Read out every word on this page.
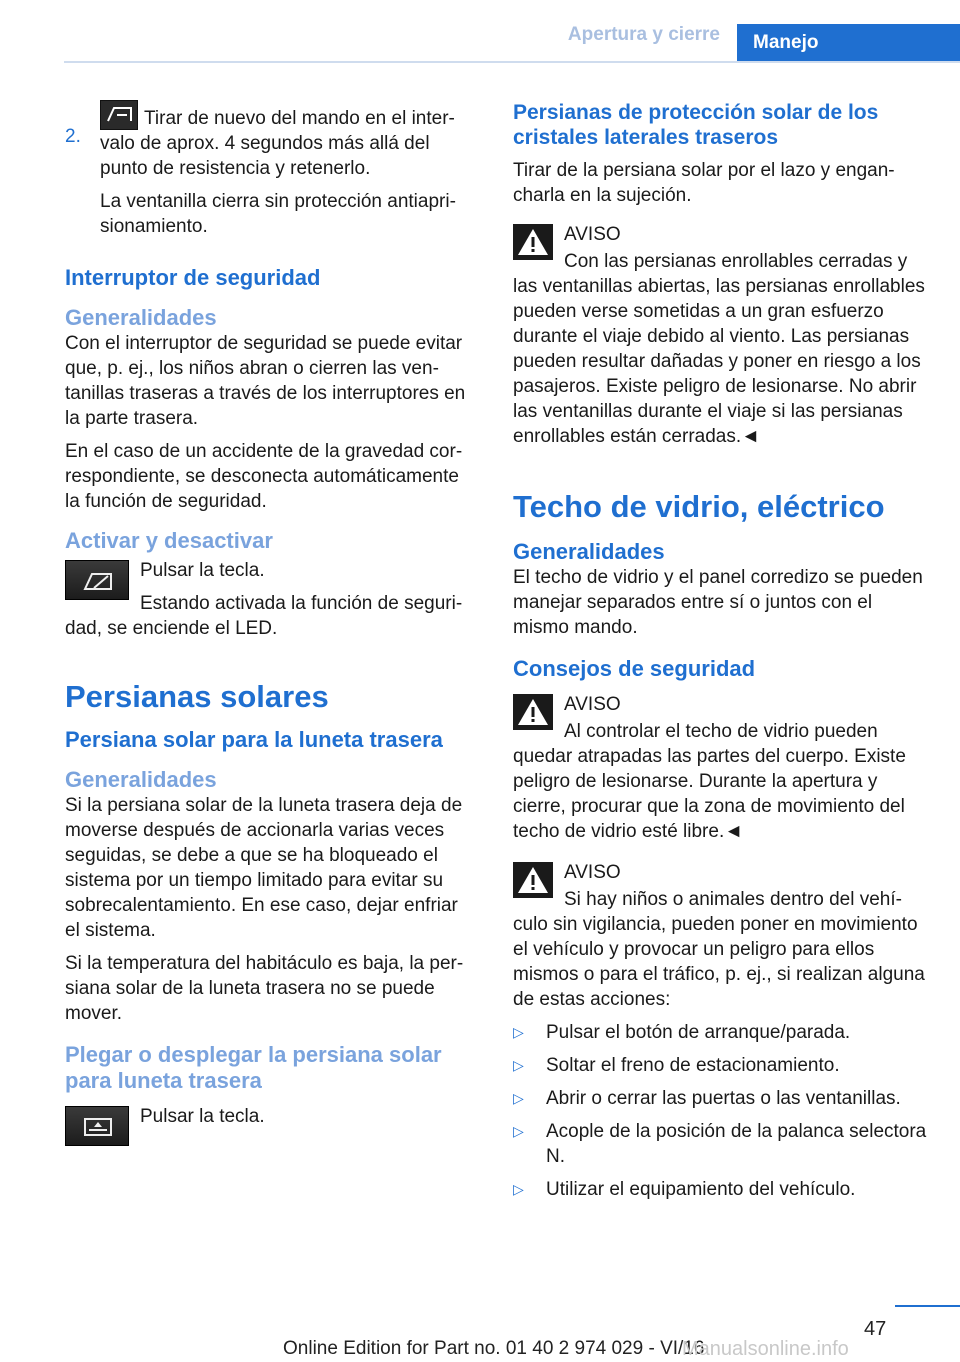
Apertura y cierre	Manejo
2.

Tirar de nuevo del mando en el intervalo de aprox. 4 segundos más allá del punto de resistencia y retenerlo.

La ventanilla cierra sin protección antiaprisionamiento.

Interruptor de seguridad

Generalidades

Con el interruptor de seguridad se puede evitar que, p. ej., los niños abran o cierren las ventanillas traseras a través de los interruptores en la parte trasera.

En el caso de un accidente de la gravedad correspondiente, se desconecta automáticamente la función de seguridad.

Activar y desactivar

Pulsar la tecla.

Estando activada la función de seguridad, se enciende el LED.

Persianas solares

Persiana solar para la luneta trasera

Generalidades

Si la persiana solar de la luneta trasera deja de moverse después de accionarla varias veces seguidas, se debe a que se ha bloqueado el sistema por un tiempo limitado para evitar su sobrecalentamiento. En ese caso, dejar enfriar el sistema.

Si la temperatura del habitáculo es baja, la persiana solar de la luneta trasera no se puede mover.

Plegar o desplegar la persiana solar para luneta trasera

Pulsar la tecla.

Persianas de protección solar de los cristales laterales traseros

Tirar de la persiana solar por el lazo y engancharla en la sujeción.

AVISO

Con las persianas enrollables cerradas y las ventanillas abiertas, las persianas enrollables pueden verse sometidas a un gran esfuerzo durante el viaje debido al viento. Las persianas pueden resultar dañadas y poner en riesgo a los pasajeros. Existe peligro de lesionarse. No abrir las ventanillas durante el viaje si las persianas enrollables están cerradas.◄

Techo de vidrio, eléctrico

Generalidades

El techo de vidrio y el panel corredizo se pueden manejar separados entre sí o juntos con el mismo mando.

Consejos de seguridad

AVISO

Al controlar el techo de vidrio pueden quedar atrapadas las partes del cuerpo. Existe peligro de lesionarse. Durante la apertura y cierre, procurar que la zona de movimiento del techo de vidrio esté libre.◄

AVISO

Si hay niños o animales dentro del vehículo sin vigilancia, pueden poner en movimiento el vehículo y provocar un peligro para ellos mismos o para el tráfico, p. ej., si realizan alguna de estas acciones:

▷ Pulsar el botón de arranque/parada.
▷ Soltar el freno de estacionamiento.
▷ Abrir o cerrar las puertas o las ventanillas.
▷ Acople de la posición de la palanca selectora N.
▷ Utilizar el equipamiento del vehículo.
47
Online Edition for Part no. 01 40 2 974 029 - VI/16
Manualsonline.info
